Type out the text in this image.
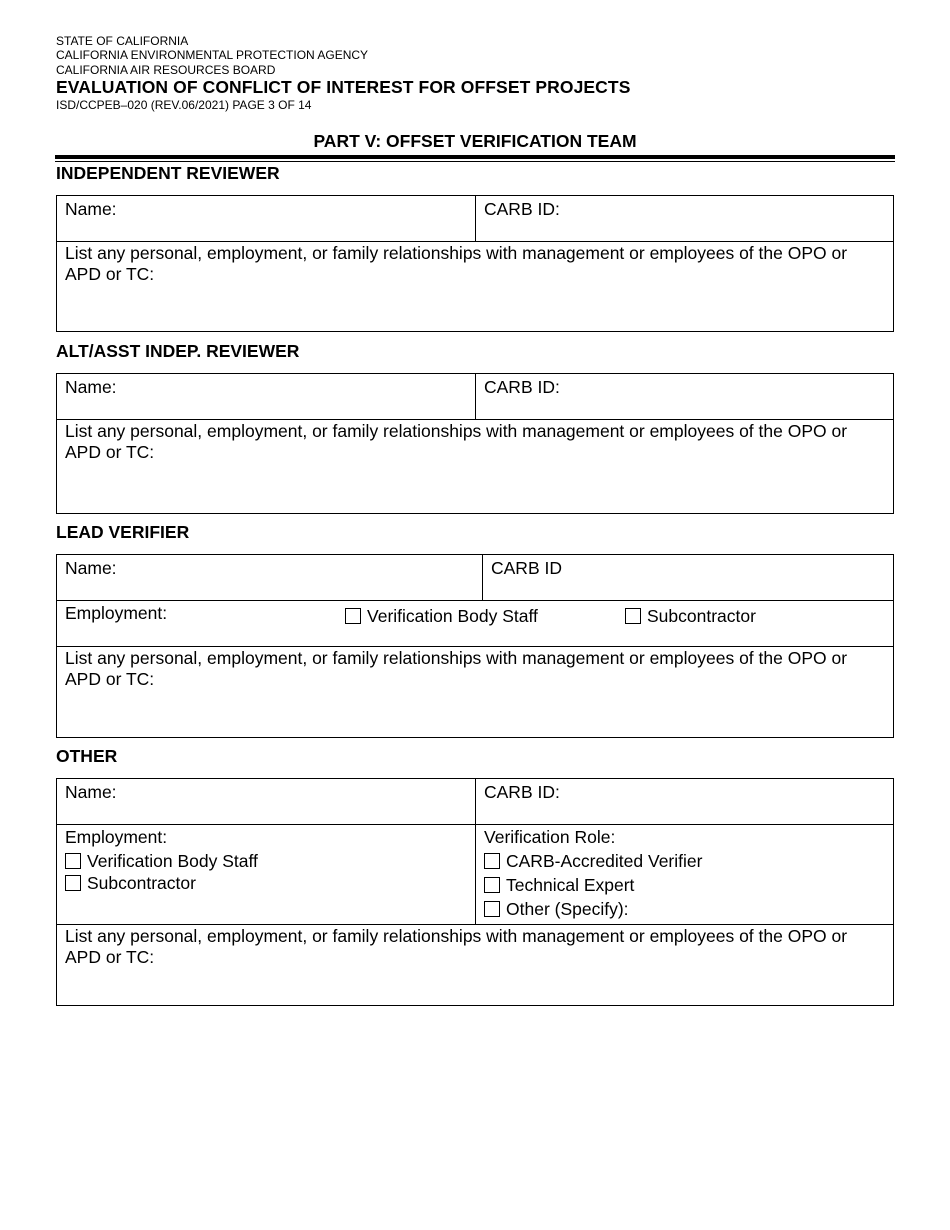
STATE OF CALIFORNIA
CALIFORNIA ENVIRONMENTAL PROTECTION AGENCY
CALIFORNIA AIR RESOURCES BOARD
EVALUATION OF CONFLICT OF INTEREST FOR OFFSET PROJECTS
ISD/CCPEB–020 (REV.06/2021) PAGE 3 OF 14
PART V: OFFSET VERIFICATION TEAM
INDEPENDENT REVIEWER
Name:	CARB ID:
List any personal, employment, or family relationships with management or employees of the OPO or APD or TC:
ALT/ASST INDEP. REVIEWER
Name:	CARB ID:
List any personal, employment, or family relationships with management or employees of the OPO or APD or TC:
LEAD VERIFIER
Name:	CARB ID
Employment:	Verification Body Staff	Subcontractor
List any personal, employment, or family relationships with management or employees of the OPO or APD or TC:
OTHER
Name:	CARB ID:
Employment:
Verification Body Staff
Subcontractor
Verification Role:
CARB-Accredited Verifier
Technical Expert
Other (Specify):
List any personal, employment, or family relationships with management or employees of the OPO or APD or TC:
